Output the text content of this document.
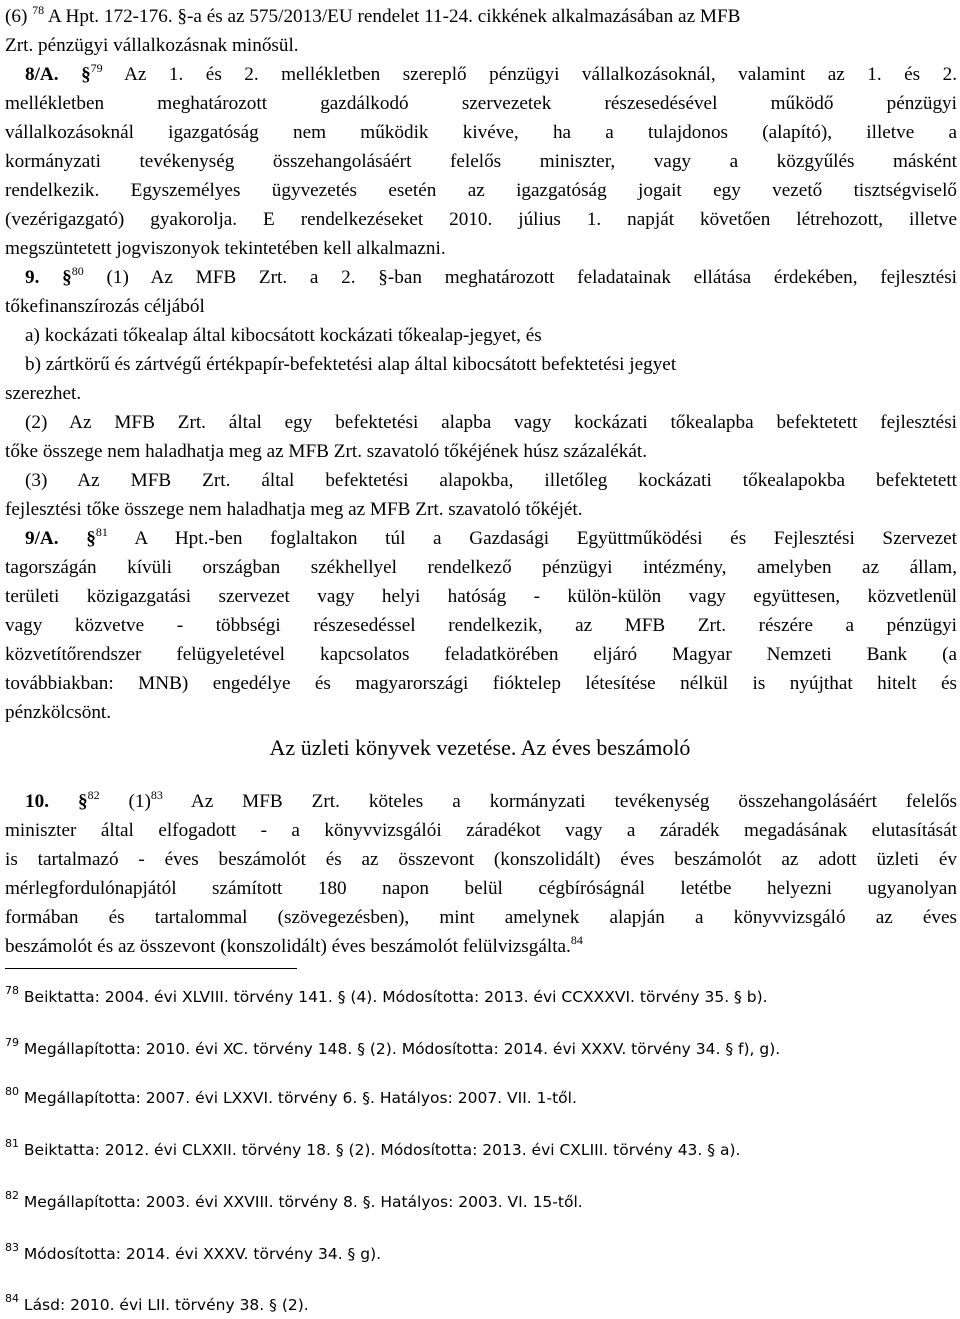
(6) $^{78}$ A Hpt. 172-176. §-a és az 575/2013/EU rendelet 11-24. cikkének alkalmazásában az MFB

Zrt. pénzügyi vállalkozásnak minősül.

8/A. §$^{79}$ Az 1. és 2. mellékletben szereplő pénzügyi vállalkozásoknál, valamint az 1. és 2.

mellékletben meghatározott gazdálkodó szervezetek részesedésével működő pénzügyi

vállalkozásoknál igazgatóság nem működik kivéve, ha a tulajdonos (alapító), illetve a

kormányzati tevékenység összehangolásáért felelős miniszter, vagy a közgyűlés másként

rendelkezik. Egyszemélyes ügyvezetés esetén az igazgatóság jogait egy vezető tisztségviselő

(vezérigazgató) gyakorolja. E rendelkezéseket 2010. július 1. napját követően létrehozott, illetve

megszüntetett jogviszonyok tekintetében kell alkalmazni.

9. §$^{80}$ (1) Az MFB Zrt. a 2. §-ban meghatározott feladatainak ellátása érdekében, fejlesztési

tőkefinanszírozás céljából

a) kockázati tőkealap által kibocsátott kockázati tőkealap-jegyet, és

b) zártkörű és zártvégű értékpapír-befektetési alap által kibocsátott befektetési jegyet

szerezhet.

(2) Az MFB Zrt. által egy befektetési alapba vagy kockázati tőkealapba befektetett fejlesztési

tőke összege nem haladhatja meg az MFB Zrt. szavatoló tőkéjének húsz százalékát.

(3) Az MFB Zrt. által befektetési alapokba, illetőleg kockázati tőkealapokba befektetett

fejlesztési tőke összege nem haladhatja meg az MFB Zrt. szavatoló tőkéjét.

9/A. §$^{81}$ A Hpt.-ben foglaltakon túl a Gazdasági Együttműködési és Fejlesztési Szervezet

tagországán kívüli országban székhellyel rendelkező pénzügyi intézmény, amelyben az állam,

területi közigazgatási szervezet vagy helyi hatóság - külön-külön vagy együttesen, közvetlenül

vagy közvetve - többségi részesedéssel rendelkezik, az MFB Zrt. részére a pénzügyi

közvetítőrendszer felügyeletével kapcsolatos feladatkörében eljáró Magyar Nemzeti Bank (a

továbbiakban: MNB) engedélye és magyarországi fióktelep létesítése nélkül is nyújthat hitelt és

pénzkölcsönt.

Az üzleti könyvek vezetése. Az éves beszámoló

10. §$^{82}$ $(1)^{83}$ Az MFB Zrt. köteles a kormányzati tevékenység összehangolásáért felelős

miniszter által elfogadott - a könyvvizsgálói záradékot vagy a záradék megadásának elutasítását

is tartalmazó - éves beszámolót és az összevont (konszolidált) éves beszámolót az adott üzleti év

mérlegfordulónapjától számított 180 napon belül cégbíróságnál letétbe helyezni ugyanolyan

formában és tartalommal (szövegezésben), mint amelynek alapján a könyvvizsgáló az éves

beszámolót és az összevont (konszolidált) éves beszámolót felülvizsgálta.$^{84}$

$^{78}$ Beiktatta: 2004. évi XLVIII. törvény 141. § (4). Módosította: 2013. évi CCXXXVI. törvény 35. § b).

$^{79}$ Megállapította: 2010. évi XC. törvény 148. § (2). Módosította: 2014. évi XXXV. törvény 34. § f), g).

$^{80}$ Megállapította: 2007. évi LXXVI. törvény 6. §. Hatályos: 2007. VII. 1-től.

$^{81}$ Beiktatta: 2012. évi CLXXII. törvény 18. § (2). Módosította: 2013. évi CXLIII. törvény 43. § a).

$^{82}$ Megállapította: 2003. évi XXVIII. törvény 8. §. Hatályos: 2003. VI. 15-től.

$^{83}$ Módosította: 2014. évi XXXV. törvény 34. § g).

$^{84}$ Lásd: 2010. évi LII. törvény 38. § (2).
